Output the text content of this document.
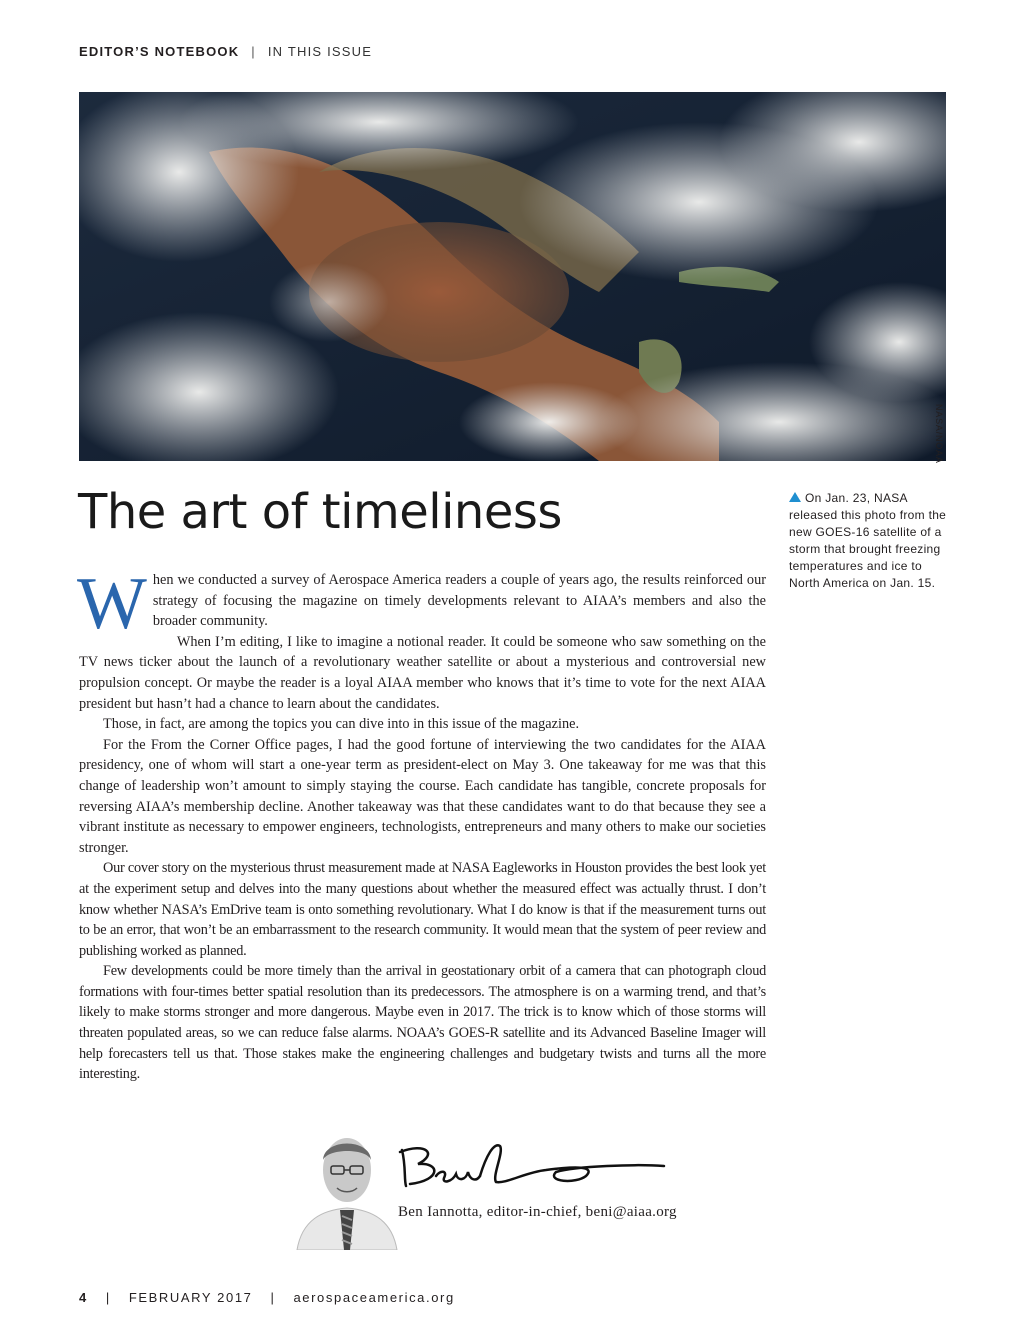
EDITOR’S NOTEBOOK | IN THIS ISSUE
NASA/NOAA
The art of timeliness	On Jan. 23, NASA released this photo from the new GOES-16 satellite of a storm that brought freezing temperatures and ice to North America on Jan. 15.

When we conducted a survey of Aerospace America readers a couple of years ago, the results reinforced our strategy of focusing the magazine on timely developments relevant to AIAA’s members and also the broader community.

When I’m editing, I like to imagine a notional reader. It could be someone who saw something on the TV news ticker about the launch of a revolutionary weather satellite or about a mysterious and controversial new propulsion concept. Or maybe the reader is a loyal AIAA member who knows that it’s time to vote for the next AIAA president but hasn’t had a chance to learn about the candidates.

Those, in fact, are among the topics you can dive into in this issue of the magazine.

For the From the Corner Office pages, I had the good fortune of interviewing the two candidates for the AIAA presidency, one of whom will start a one-year term as president-elect on May 3. One takeaway for me was that this change of leadership won’t amount to simply staying the course. Each candidate has tangible, concrete proposals for reversing AIAA’s membership decline. Another takeaway was that these candidates want to do that because they see a vibrant institute as necessary to empower engineers, technologists, entrepreneurs and many others to make our societies stronger.

Our cover story on the mysterious thrust measurement made at NASA Eagleworks in Houston provides the best look yet at the experiment setup and delves into the many questions about whether the measured effect was actually thrust. I don’t know whether NASA’s EmDrive team is onto something revolutionary. What I do know is that if the measurement turns out to be an error, that won’t be an embarrassment to the research community. It would mean that the system of peer review and publishing worked as planned.

Few developments could be more timely than the arrival in geostationary orbit of a camera that can photograph cloud formations with four-times better spatial resolution than its predecessors. The atmosphere is on a warming trend, and that’s likely to make storms stronger and more dangerous. Maybe even in 2017. The trick is to know which of those storms will threaten populated areas, so we can reduce false alarms. NOAA’s GOES-R satellite and its Advanced Baseline Imager will help forecasters tell us that. Those stakes make the engineering challenges and budgetary twists and turns all the more interesting.

Ben Iannotta, editor-in-chief, beni@aiaa.org
4 | FEBRUARY 2017 | aerospaceamerica.org
